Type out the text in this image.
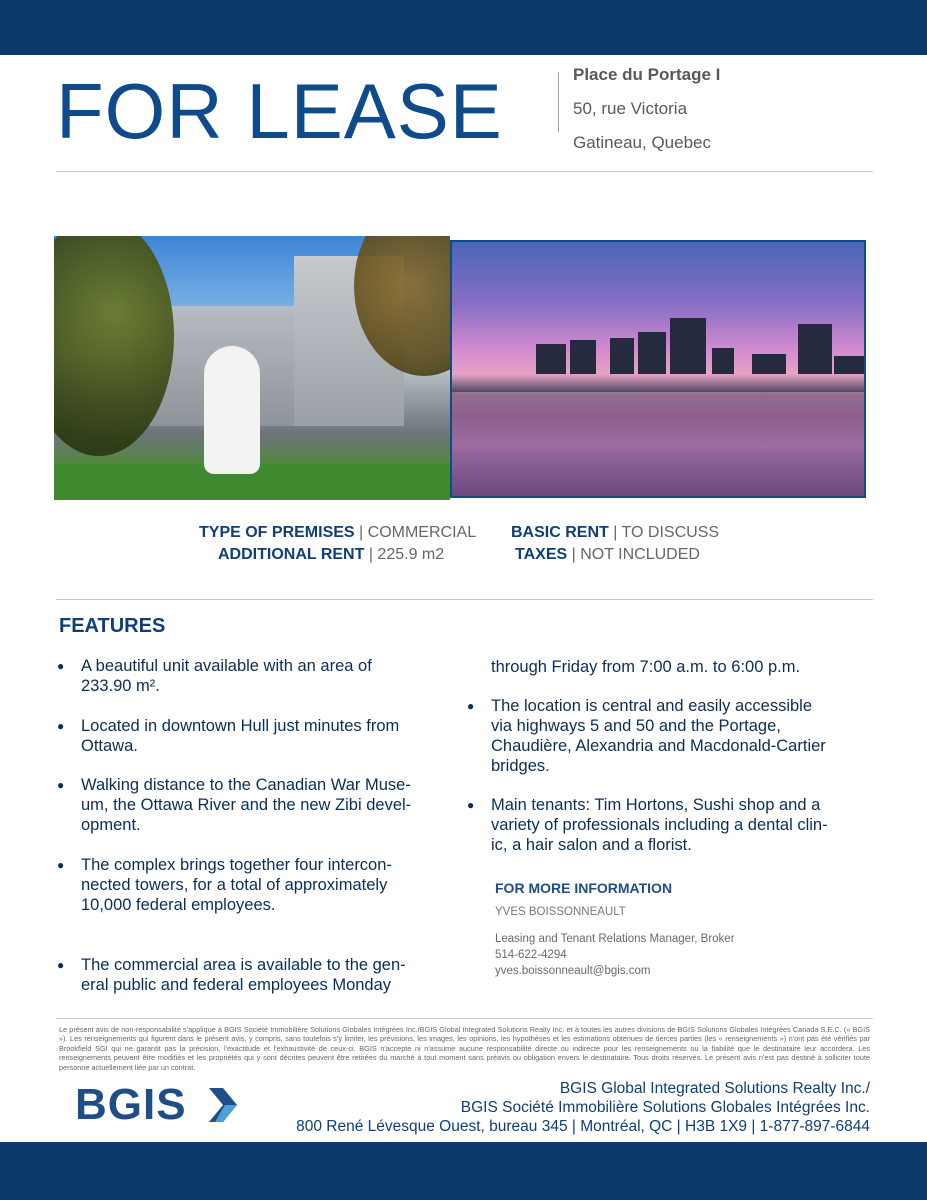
FOR LEASE	Place du Portage I
50, rue Victoria
Gatineau, Quebec
TYPE OF PREMISES | COMMERCIAL BASIC RENT | TO DISCUSS
ADDITIONAL RENT | 225.9 m2	TAXES | NOT INCLUDED
FEATURES
● A beautiful unit available with an area of
233.90 m².
● Located in downtown Hull just minutes from
Ottawa.
● Walking distance to the Canadian War Muse-
um, the Ottawa River and the new Zibi devel-
opment.
● The complex brings together four intercon-
nected towers, for a total of approximately
10,000 federal employees.
● The commercial area is available to the gen-
eral public and federal employees Monday
through Friday from 7:00 a.m. to 6:00 p.m.
● The location is central and easily accessible
via highways 5 and 50 and the Portage,
Chaudière, Alexandria and Macdonald-Cartier
bridges.
● Main tenants: Tim Hortons, Sushi shop and a
variety of professionals including a dental clin-
ic, a hair salon and a florist.
FOR MORE INFORMATION
YVES BOISSONNEAULT
Leasing and Tenant Relations Manager, Broker
514-622-4294
yves.boissonneault@bgis.com
Le présent avis de non-responsabilité s'applique à BGIS Société Immobilière Solutions Globales Intégrées Inc./BGIS Global Integrated Solutions Realty Inc. et à toutes les autres divisions de BGIS Solutions Globales Intégrées Canada S.E.C. (« BGIS »). Les renseignements qui figurent dans le présent avis, y compris, sans toutefois s'y limiter, les prévisions, les images, les opinions, les hypothèses et les estimations obtenues de tierces parties (les « renseignements ») n'ont pas été vérifiés par Brookfield SGI qui ne garantit pas la précision, l'exactitude et l'exhaustivité de ceux-ci. BGIS n'accepte ni n'assume aucune responsabilité directe ou indirecte pour les renseignements ou la fiabilité que le destinataire leur accordera. Les renseignements peuvent être modifiés et les propriétés qui y sont décrites peuvent être retirées du marché à tout moment sans préavis ou obligation envers le destinataire. Tous droits réservés. Le présent avis n'est pas destiné à solliciter toute personne actuellement liée par un contrat.
BGIS	BGIS Global Integrated Solutions Realty Inc./
BGIS Société Immobilière Solutions Globales Intégrées Inc.
800 René Lévesque Ouest, bureau 345 | Montréal, QC | H3B 1X9 | 1-877-897-6844
